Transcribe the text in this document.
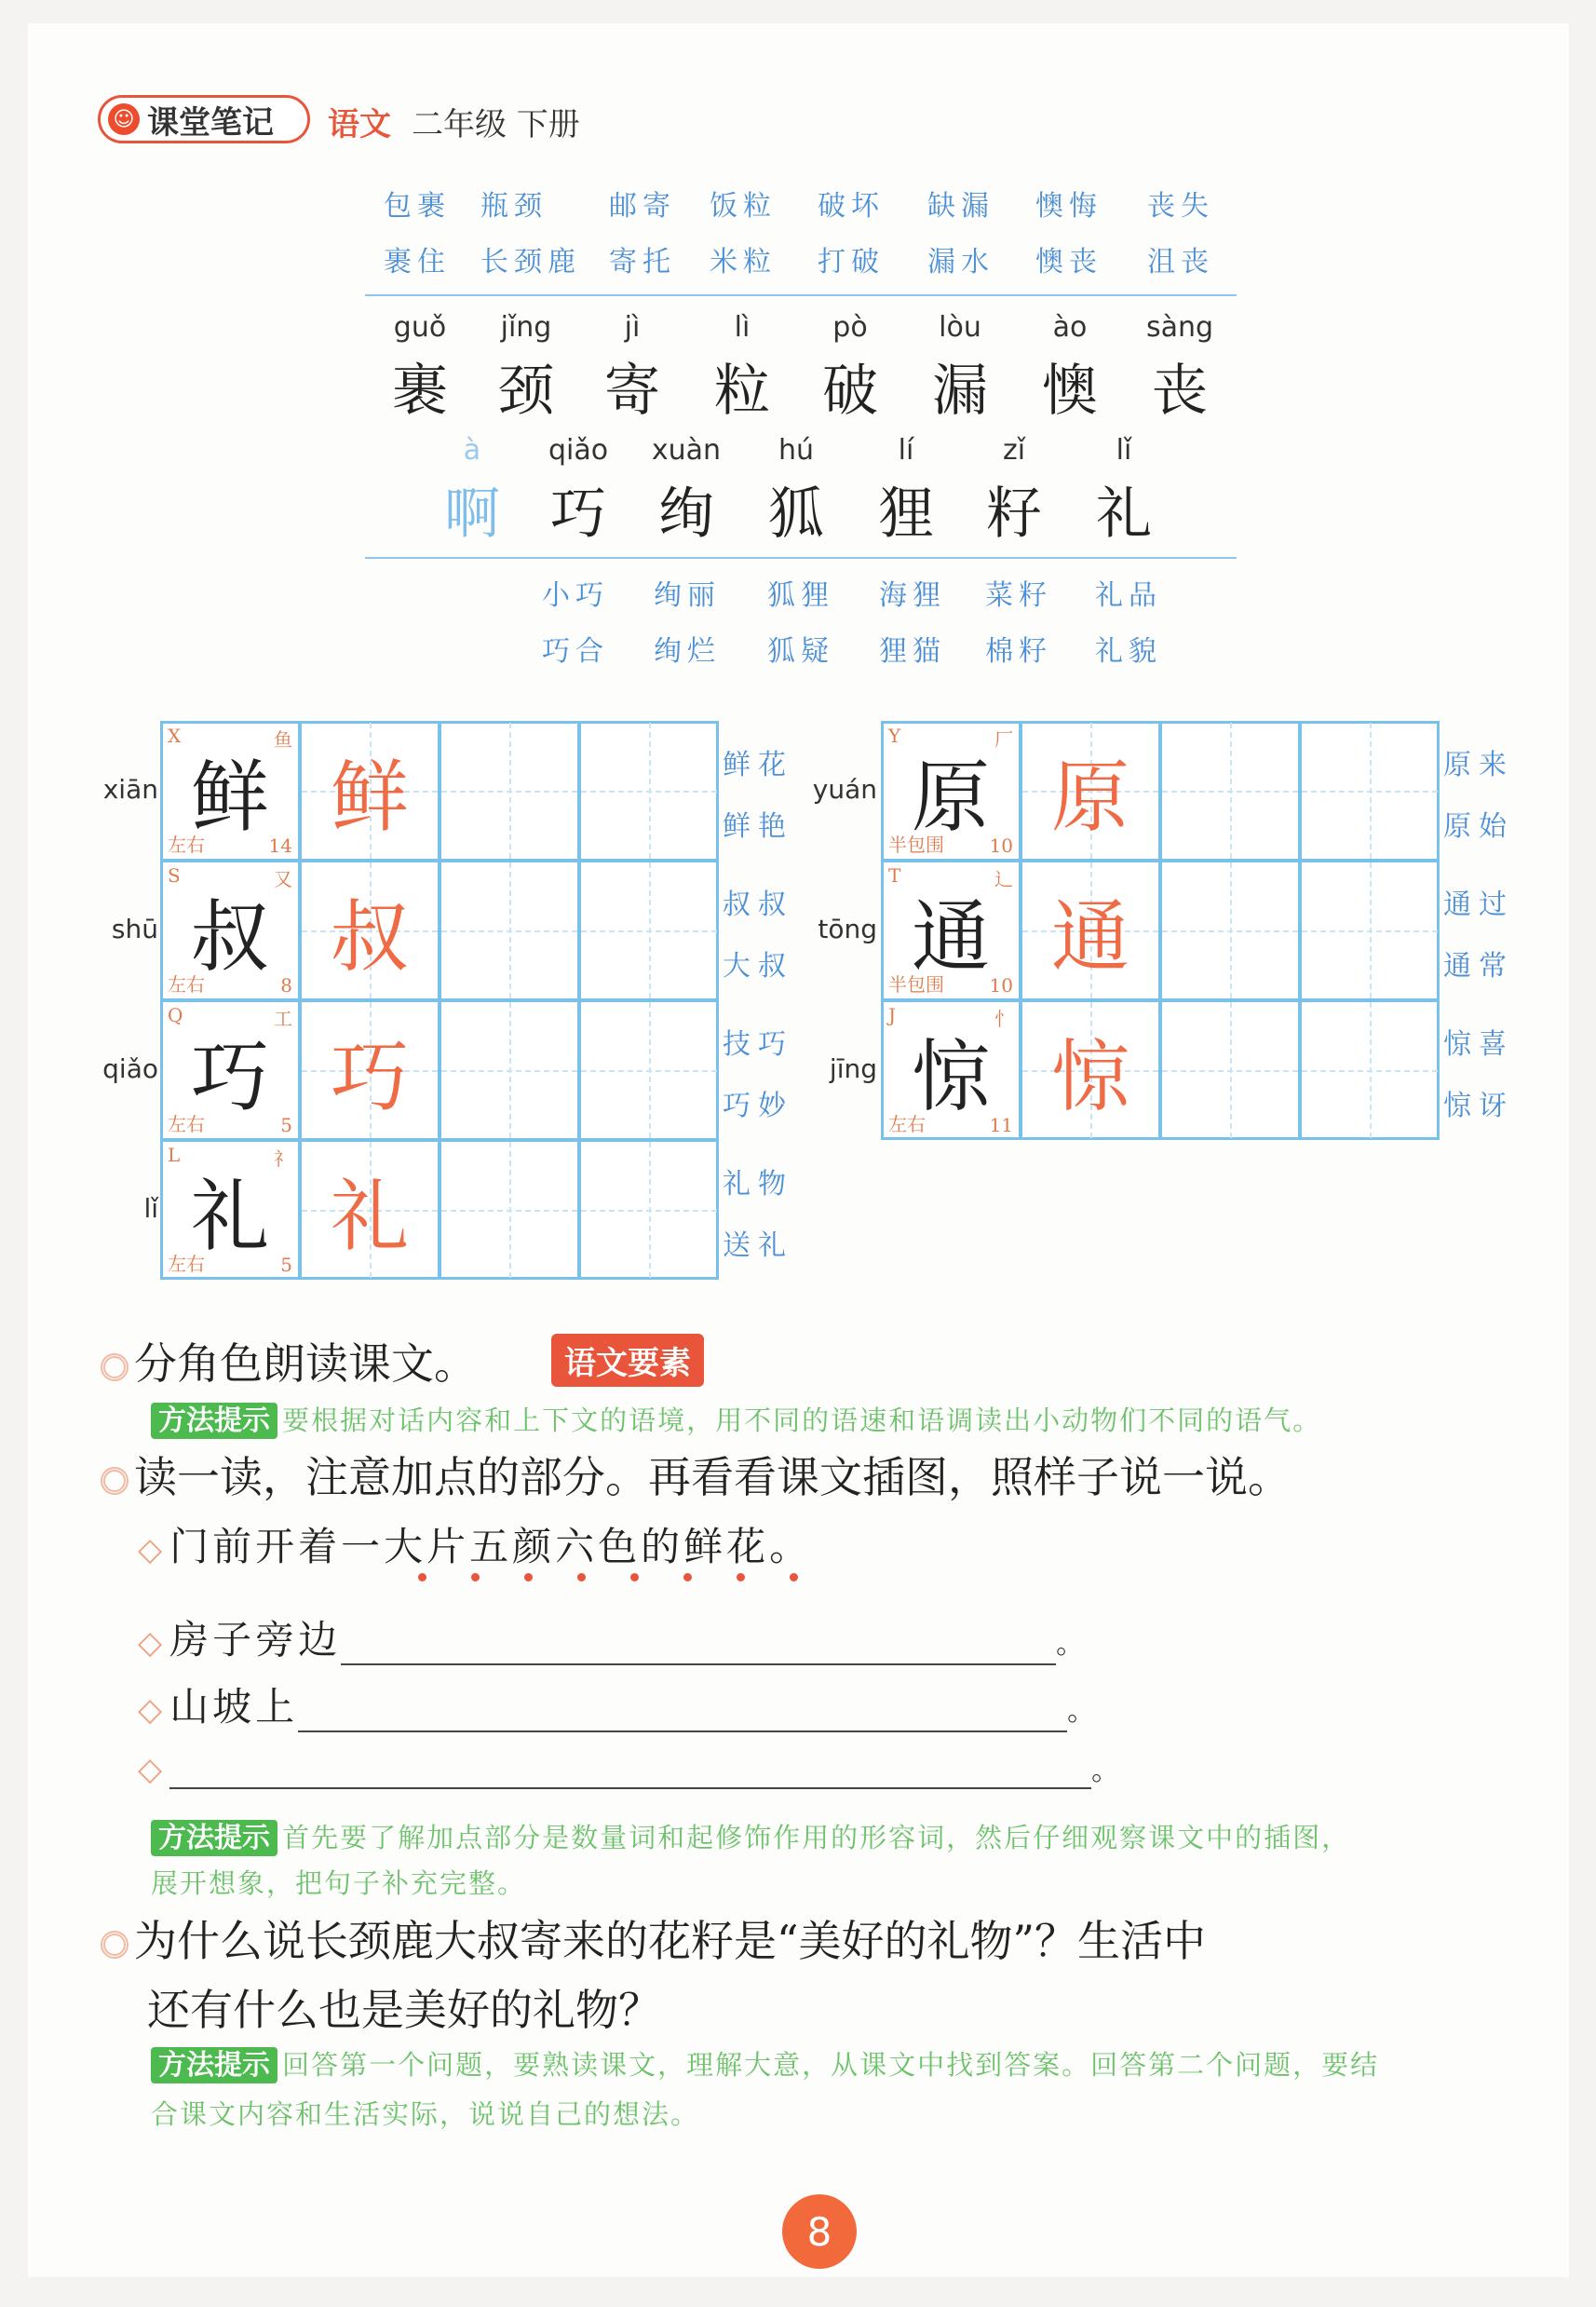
☺ 课堂笔记 语文 二年级 下册
包裹 瓶颈 邮寄 饭粒 破坏 缺漏 懊悔 丧失
裹住 长颈鹿 寄托 米粒 打破 漏水 懊丧 沮丧
guǒ
裹
jǐng
颈
jì
寄
lì
粒
pò
破
lòu
漏
ào
懊
sàng
丧
à
啊
qiǎo
巧
xuàn
绚
hú
狐
lí
狸
zǐ
籽
lǐ
礼
小巧 绚丽 狐狸 海狸 菜籽 礼品
巧合 绚烂 狐疑 狸猫 棉籽 礼貌
鲜
X	鱼
左右	14
鲜
xiān
鲜花
鲜艳
叔
S	又
左右	8
叔
shū
叔叔
大叔
巧
Q	工
左右	5
巧
qiǎo
技巧
巧妙
礼
L	礻
左右	5
礼
lǐ
礼物
送礼
原
Y	厂
半包围 10
原
yuán
原来
原始
通
T	辶
半包围 10
通
tōng
通过
通常
惊
J	忄
左右	11
惊
jīng
惊喜
惊讶
分角色朗读课文。	语文要素
方法提示 要根据对话内容和上下文的语境，用不同的语速和语调读出小动物们不同的语气。
读一读，注意加点的部分。再看看课文插图，照样子说一说。
◇门前开着一大片五颜六色的鲜花。
◇房子旁边	。
◇山坡上	。
◇	。
方法提示 首先要了解加点部分是数量词和起修饰作用的形容词，然后仔细观察课文中的插图，
展开想象，把句子补充完整。
为什么说长颈鹿大叔寄来的花籽是“美好的礼物”？生活中
还有什么也是美好的礼物？
方法提示 回答第一个问题，要熟读课文，理解大意，从课文中找到答案。回答第二个问题，要结
合课文内容和生活实际，说说自己的想法。
8
